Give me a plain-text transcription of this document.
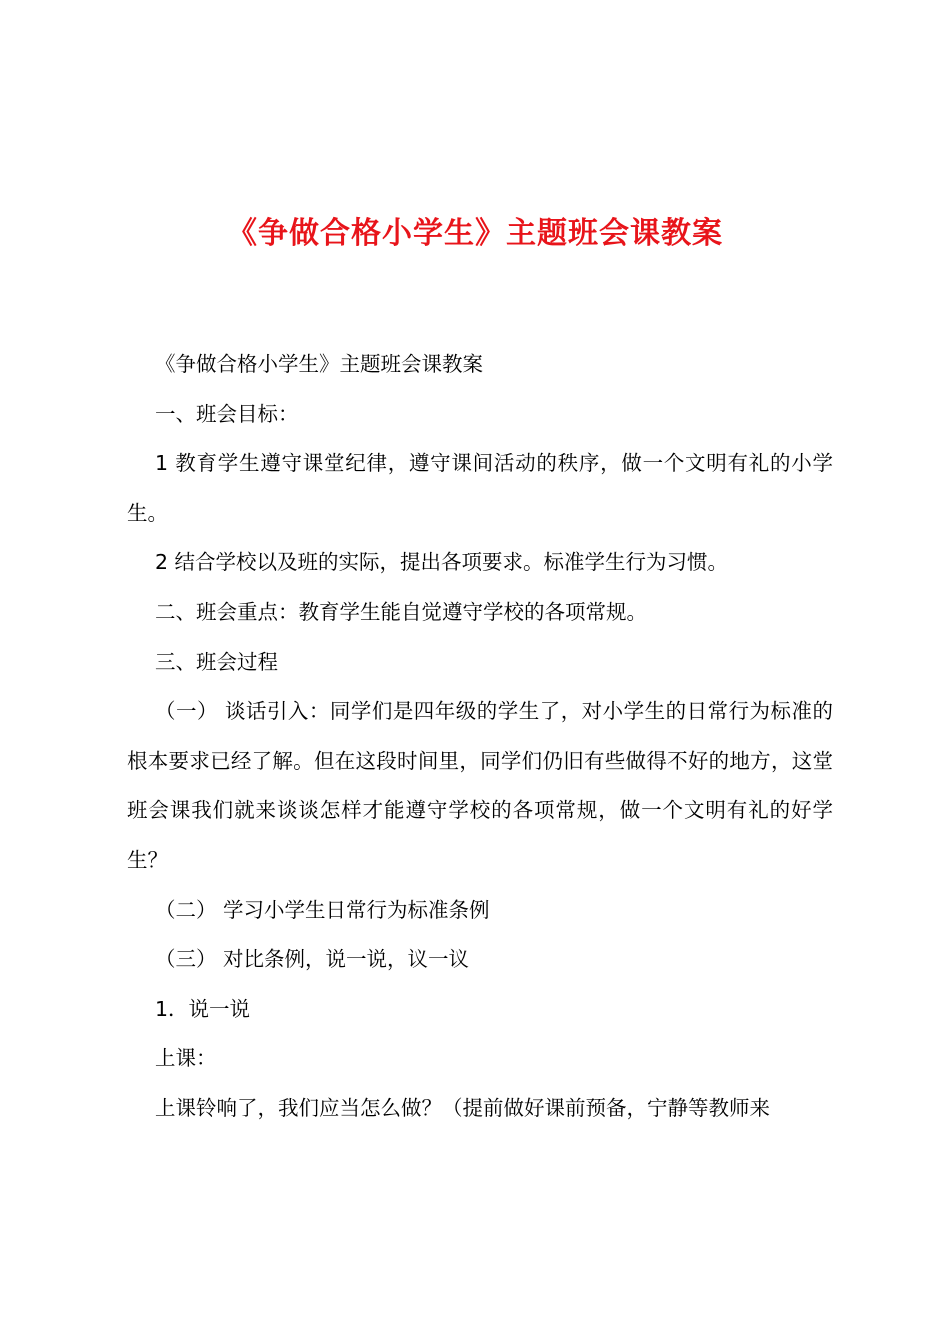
《争做合格小学生》主题班会课教案

《争做合格小学生》主题班会课教案

一、班会目标：

1 教育学生遵守课堂纪律，遵守课间活动的秩序，做一个文明有礼的小学生。

2 结合学校以及班的实际，提出各项要求。标准学生行为习惯。

二、班会重点：教育学生能自觉遵守学校的各项常规。

三、班会过程

（一） 谈话引入：同学们是四年级的学生了，对小学生的日常行为标准的根本要求已经了解。但在这段时间里，同学们仍旧有些做得不好的地方，这堂班会课我们就来谈谈怎样才能遵守学校的各项常规，做一个文明有礼的好学生？

（二） 学习小学生日常行为标准条例

（三） 对比条例，说一说，议一议

1．说一说

上课：

上课铃响了，我们应当怎么做？（提前做好课前预备，宁静等教师来
